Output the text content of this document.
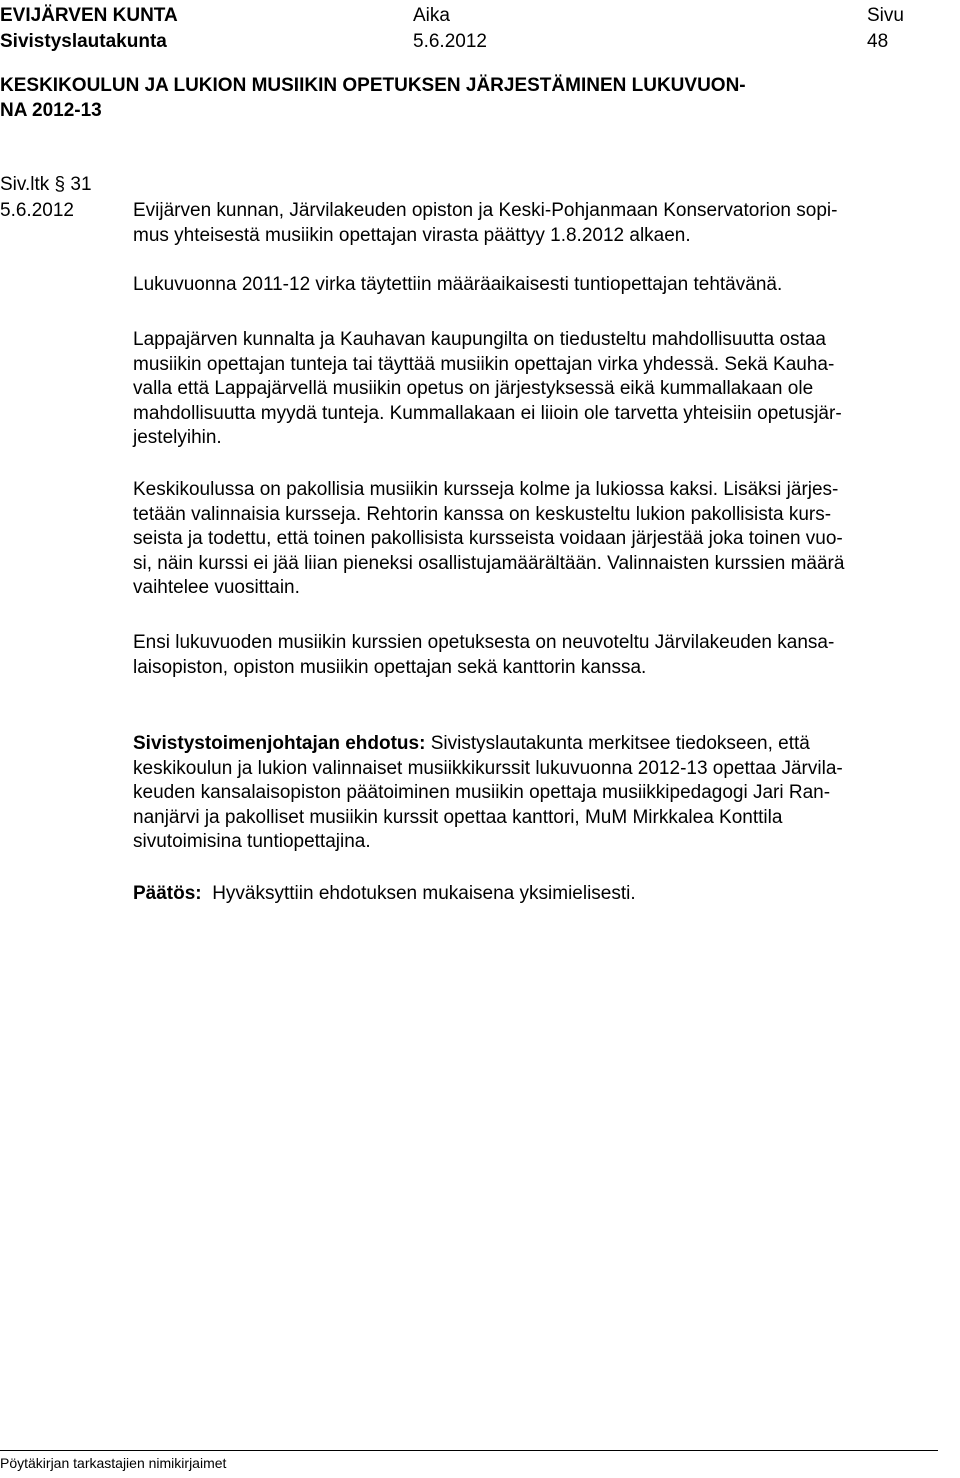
EVIJÄRVEN KUNTA
Sivistyslautakunta
Aika
5.6.2012
Sivu
48
KESKIKOULUN JA LUKION MUSIIKIN OPETUKSEN JÄRJESTÄMINEN LUKUVUON-
NA 2012-13
Siv.ltk § 31
5.6.2012	Evijärven kunnan, Järvilakeuden opiston ja Keski-Pohjanmaan Konservatorion sopi-
mus yhteisestä musiikin opettajan virasta päättyy 1.8.2012 alkaen.
Lukuvuonna 2011-12 virka täytettiin määräaikaisesti tuntiopettajan tehtävänä.
Lappajärven kunnalta ja Kauhavan kaupungilta on tiedusteltu mahdollisuutta ostaa
musiikin opettajan tunteja tai täyttää musiikin opettajan virka yhdessä. Sekä Kauha-
valla että Lappajärvellä musiikin opetus on järjestyksessä eikä kummallakaan ole
mahdollisuutta myydä tunteja. Kummallakaan ei liioin ole tarvetta yhteisiin opetusjär-
jestelyihin.
Keskikoulussa on pakollisia musiikin kursseja kolme ja lukiossa kaksi. Lisäksi järjes-
tetään valinnaisia kursseja. Rehtorin kanssa on keskusteltu lukion pakollisista kurs-
seista ja todettu, että toinen pakollisista kursseista voidaan järjestää joka toinen vuo-
si, näin kurssi ei jää liian pieneksi osallistujamäärältään. Valinnaisten kurssien määrä
vaihtelee vuosittain.
Ensi lukuvuoden musiikin kurssien opetuksesta on neuvoteltu Järvilakeuden kansa-
laisopiston, opiston musiikin opettajan sekä kanttorin kanssa.
Sivistystoimenjohtajan ehdotus: Sivistyslautakunta merkitsee tiedokseen, että
keskikoulun ja lukion valinnaiset musiikkikurssit lukuvuonna 2012-13 opettaa Järvila-
keuden kansalaisopiston päätoiminen musiikin opettaja musiikkipedagogi Jari Ran-
nanjärvi ja pakolliset musiikin kurssit opettaa kanttori, MuM Mirkkalea Konttila
sivutoimisina tuntiopettajina.
Päätös: Hyväksyttiin ehdotuksen mukaisena yksimielisesti.
Pöytäkirjan tarkastajien nimikirjaimet
